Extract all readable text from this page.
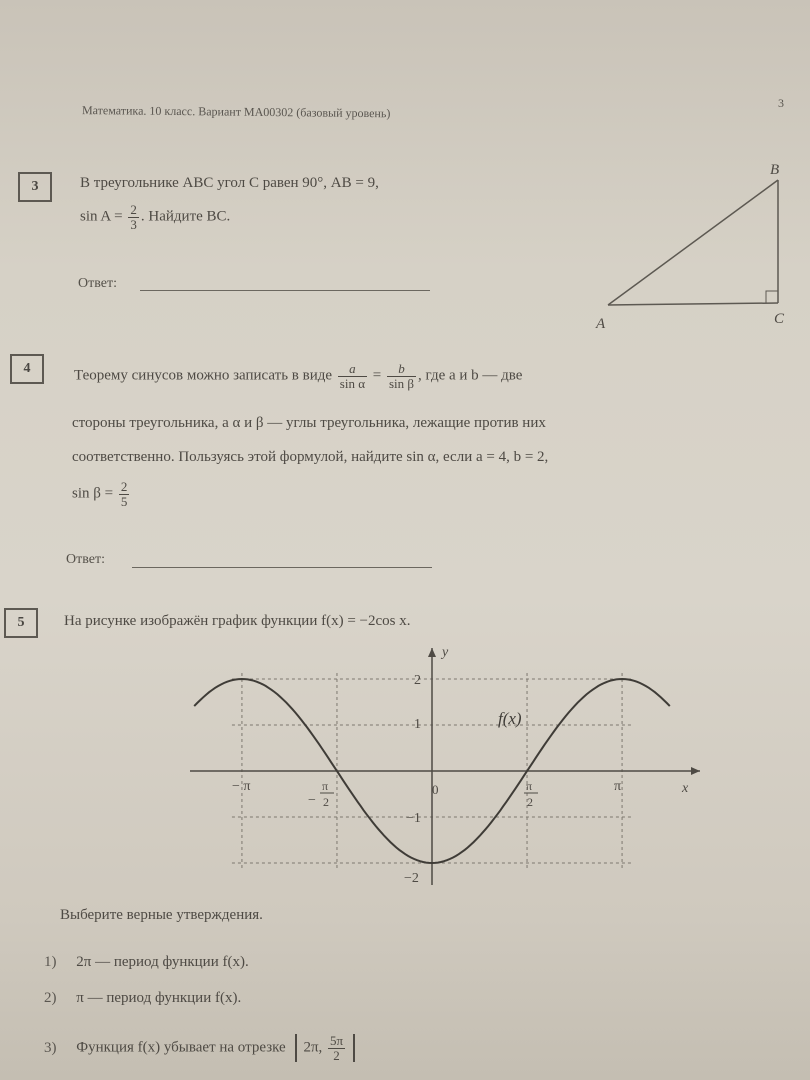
Математика. 10 класс. Вариант МА00302 (базовый уровень)
3
3	В треугольнике ABC угол C равен 90°, AB = 9,
$\sin A = \frac{2}{3}$ . Найдите BC.
Ответ:
A
B
C
4	Теорему синусов можно записать в виде $\frac{a}{\text{sin α}} = \frac{b}{\text{sin β}}$ , где a и b — две
стороны треугольника, а α и β — углы треугольника, лежащие против них
соответственно. Пользуясь этой формулой, найдите sin α, если a = 4, b = 2,
$\sin \beta = \frac{2}{5}$
Ответ:
5	На рисунке изображён график функции f(x) = −2cos x.
y
x
0
f(x)
− π
−
π
2
π
2
π
2
1
−1
−2
Выберите верные утверждения.
1) 2π — период функции f(x).
2) π — период функции f(x).
3) Функция f(x) убывает на отрезке 2π, $\frac{5\pi}{2}$
